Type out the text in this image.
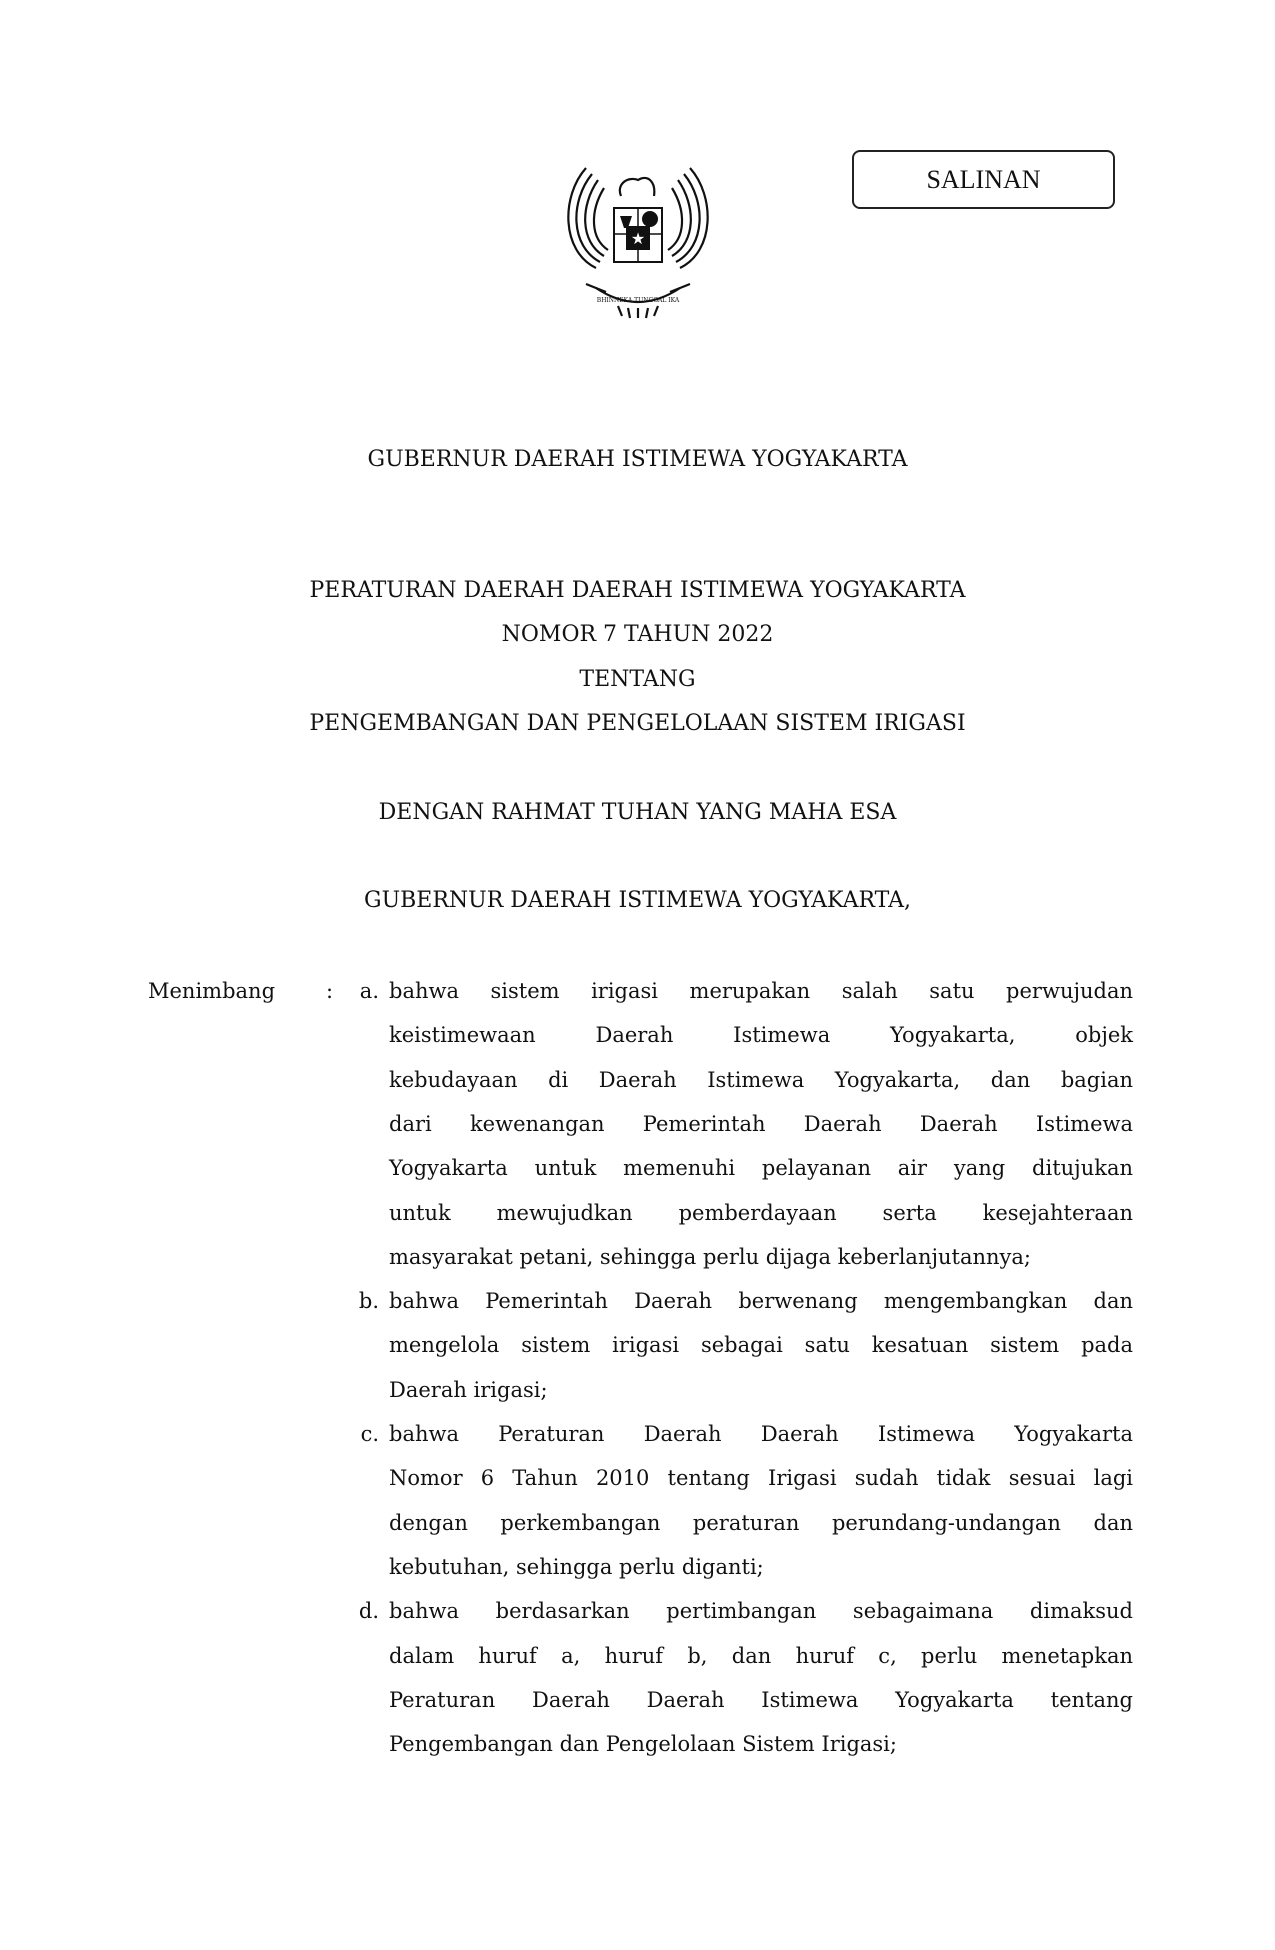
★
BHINNEKA TUNGGAL IKA
SALINAN
GUBERNUR DAERAH ISTIMEWA YOGYAKARTA
PERATURAN DAERAH DAERAH ISTIMEWA YOGYAKARTA
NOMOR 7 TAHUN 2022
TENTANG
PENGEMBANGAN DAN PENGELOLAAN SISTEM IRIGASI
DENGAN RAHMAT TUHAN YANG MAHA ESA
GUBERNUR DAERAH ISTIMEWA YOGYAKARTA,
Menimbang :	a. bahwa sistem irigasi merupakan salah satu perwujudan
keistimewaan Daerah Istimewa Yogyakarta, objek
kebudayaan di Daerah Istimewa Yogyakarta, dan bagian
dari kewenangan Pemerintah Daerah Daerah Istimewa
Yogyakarta untuk memenuhi pelayanan air yang ditujukan
untuk mewujudkan pemberdayaan serta kesejahteraan
masyarakat petani, sehingga perlu dijaga keberlanjutannya;
b. bahwa Pemerintah Daerah berwenang mengembangkan dan
mengelola sistem irigasi sebagai satu kesatuan sistem pada
Daerah irigasi;
c. bahwa Peraturan Daerah Daerah Istimewa Yogyakarta
Nomor 6 Tahun 2010 tentang Irigasi sudah tidak sesuai lagi
dengan perkembangan peraturan perundang-undangan dan
kebutuhan, sehingga perlu diganti;
d. bahwa berdasarkan pertimbangan sebagaimana dimaksud
dalam huruf a, huruf b, dan huruf c, perlu menetapkan
Peraturan Daerah Daerah Istimewa Yogyakarta tentang
Pengembangan dan Pengelolaan Sistem Irigasi;
